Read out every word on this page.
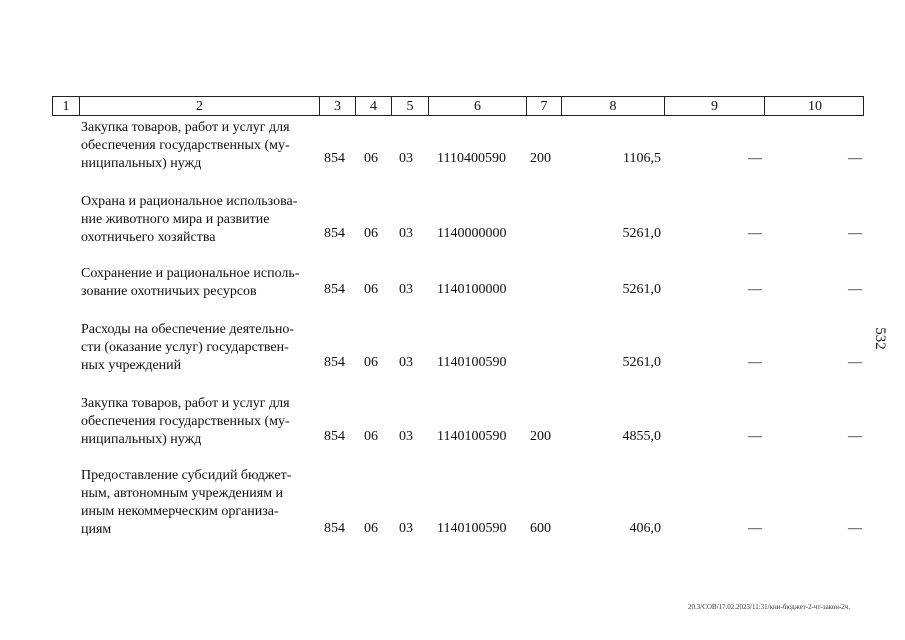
1	2	3	4	5	6	7	8	9	10
Закупка товаров, работ и услуг для
обеспечения государственных (му-
ниципальных) нужд	854 06 03 1110400590 200	1106,5	—	—
Охрана и рациональное использова-
ние животного мира и развитие
охотничьего хозяйства	854 06 03 1140000000	5261,0	—	—
Сохранение и рациональное исполь-
зование охотничьих ресурсов	854 06 03 1140100000	5261,0	—	—
Расходы на обеспечение деятельно-
сти (оказание услуг) государствен-
ных учреждений	854 06 03 1140100590	5261,0	—	—
Закупка товаров, работ и услуг для
обеспечения государственных (му-
ниципальных) нужд	854 06 03 1140100590 200	4855,0	—	—
Предоставление субсидий бюджет-
ным, автономным учреждениям и
иным некоммерческим организа-
циям	854 06 03 1140100590 600	406,0	—	—
532
20.3/СОВ/17.02.2023/11:31/кни-бюджет-2-чт-закон-2ч.
